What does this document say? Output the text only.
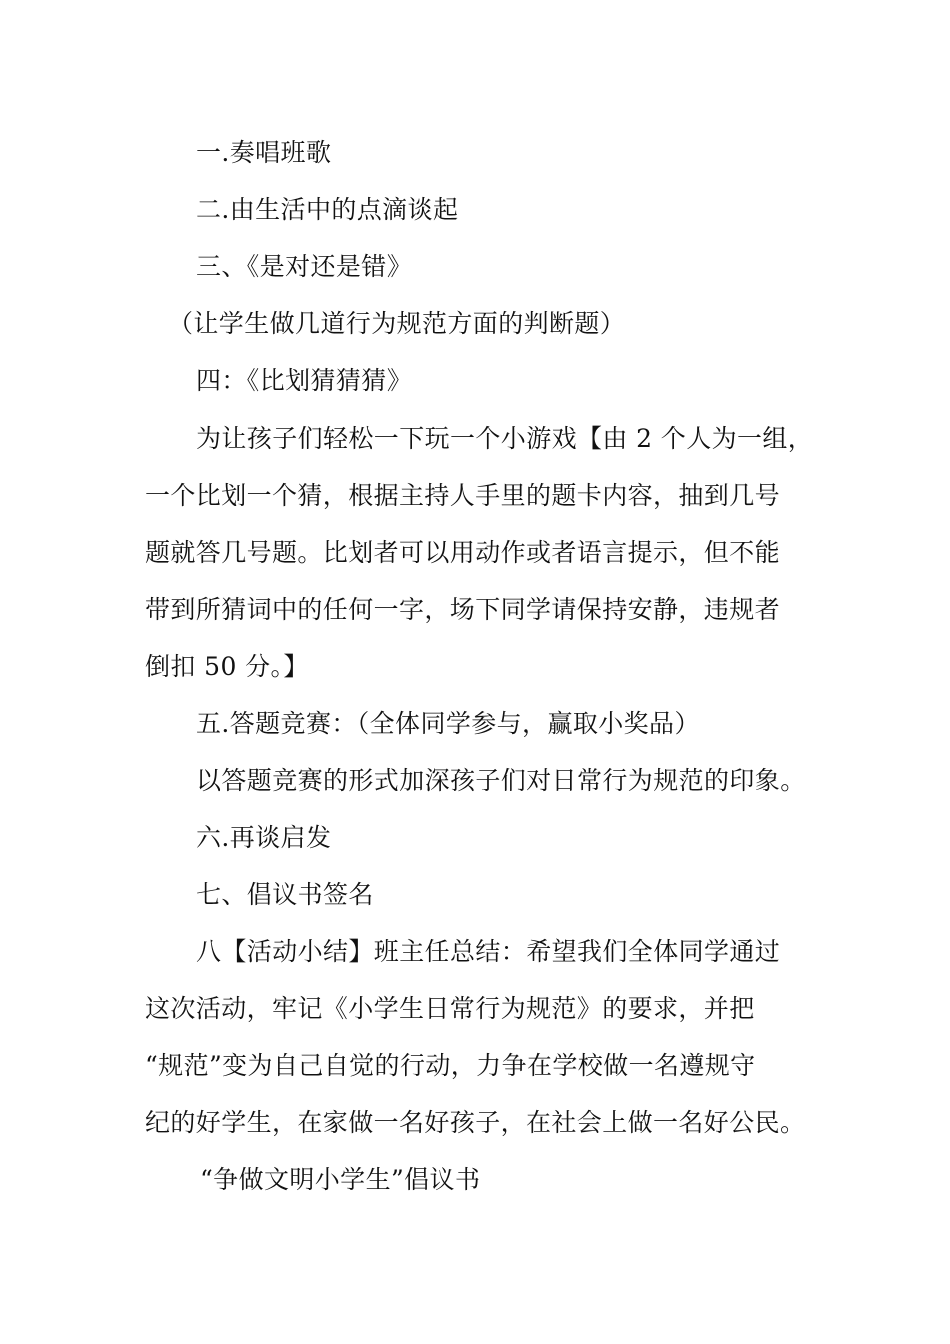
一.奏唱班歌
二.由生活中的点滴谈起
三、《是对还是错》
（让学生做几道行为规范方面的判断题）
四：《比划猜猜猜》
为让孩子们轻松一下玩一个小游戏【由 2 个人为一组，
一个比划一个猜，根据主持人手里的题卡内容，抽到几号
题就答几号题。比划者可以用动作或者语言提示，但不能
带到所猜词中的任何一字，场下同学请保持安静，违规者
倒扣 50 分。】
五.答题竞赛：（全体同学参与，赢取小奖品）
以答题竞赛的形式加深孩子们对日常行为规范的印象。
六.再谈启发
七、倡议书签名
八【活动小结】班主任总结：希望我们全体同学通过
这次活动，牢记《小学生日常行为规范》的要求，并把
“规范”变为自己自觉的行动，力争在学校做一名遵规守
纪的好学生，在家做一名好孩子，在社会上做一名好公民。
“争做文明小学生”倡议书
